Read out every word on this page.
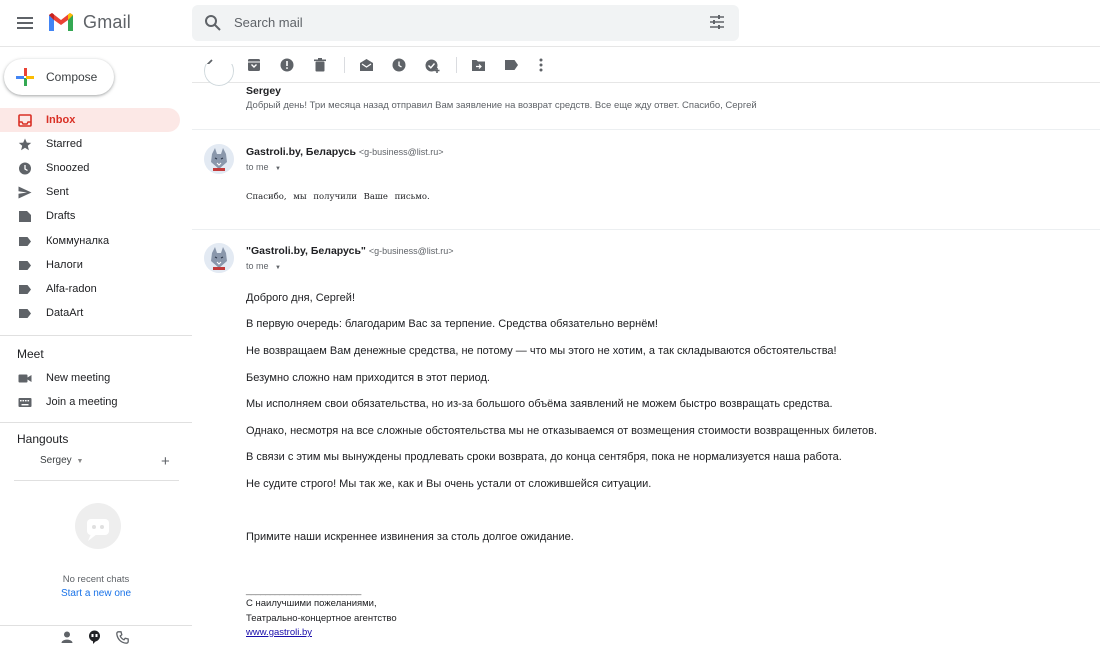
Gmail	Search mail
Compose
Inbox
Starred
Snoozed
Sent
Drafts
Коммуналка
Налоги
Alfa-radon
DataArt
Meet
New meeting
Join a meeting
Hangouts
Sergey ▼	+
No recent chats
Start a new one
Sergey
Добрый день! Три месяца назад отправил Вам заявление на возврат средств. Все еще жду ответ. Спасибо, Сергей
Gastroli.by, Беларусь <g-business@list.ru>
to me ▼
Спасибо, мы получили Ваше письмо.
"Gastroli.by, Беларусь" <g-business@list.ru>
to me ▼
Доброго дня, Сергей!
В первую очередь: благодарим Вас за терпение. Средства обязательно вернём!
Не возвращаем Вам денежные средства, не потому — что мы этого не хотим, а так складываются обстоятельства!
Безумно сложно нам приходится в этот период.
Мы исполняем свои обязательства, но из-за большого объёма заявлений не можем быстро возвращать средства.
Однако, несмотря на все сложные обстоятельства мы не отказываемся от возмещения стоимости возвращенных билетов.
В связи с этим мы вынуждены продлевать сроки возврата, до конца сентября, пока не нормализуется наша работа.
Не судите строго! Мы так же, как и Вы очень устали от сложившейся ситуации.
Примите наши искреннее извинения за столь долгое ожидание.
________________________
С наилучшими пожеланиями,
Театрально-концертное агентство
www.gastroli.by
